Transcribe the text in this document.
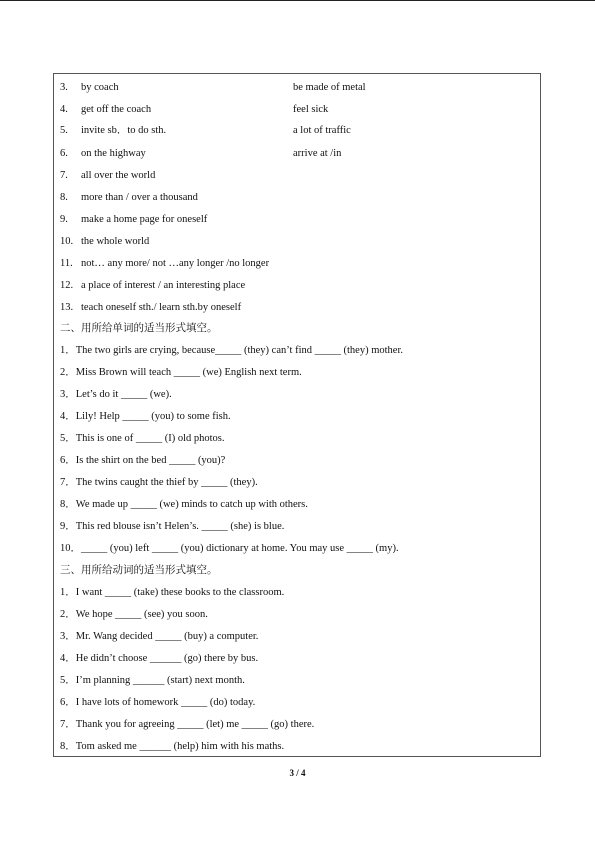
3. by coach	be made of metal
4. get off the coach	feel sick
5. invite sb．to do sth.	a lot of traffic
6. on the highway	arrive at /in
7. all over the world
8. more than / over a thousand
9. make a home page for oneself
10. the whole world
11. not… any more/ not …any longer /no longer
12. a place of interest / an interesting place
13. teach oneself sth./ learn sth.by oneself
二、用所给单词的适当形式填空。
1．The two girls are crying, because_____ (they) can’t find _____ (they) mother.
2．Miss Brown will teach _____ (we) English next term.
3．Let’s do it _____ (we).
4．Lily! Help _____ (you) to some fish.
5．This is one of _____ (I) old photos.
6．Is the shirt on the bed _____ (you)?
7．The twins caught the thief by _____ (they).
8．We made up _____ (we) minds to catch up with others.
9．This red blouse isn’t Helen’s. _____ (she) is blue.
10．_____ (you) left _____ (you) dictionary at home. You may use _____ (my).
三、用所给动词的适当形式填空。
1．I want _____ (take) these books to the classroom.
2．We hope _____ (see) you soon.
3．Mr. Wang decided _____ (buy) a computer.
4．He didn’t choose ______ (go) there by bus.
5．I’m planning ______ (start) next month.
6．I have lots of homework _____ (do) today.
7．Thank you for agreeing _____ (let) me _____ (go) there.
8．Tom asked me ______ (help) him with his maths.
3 / 4
